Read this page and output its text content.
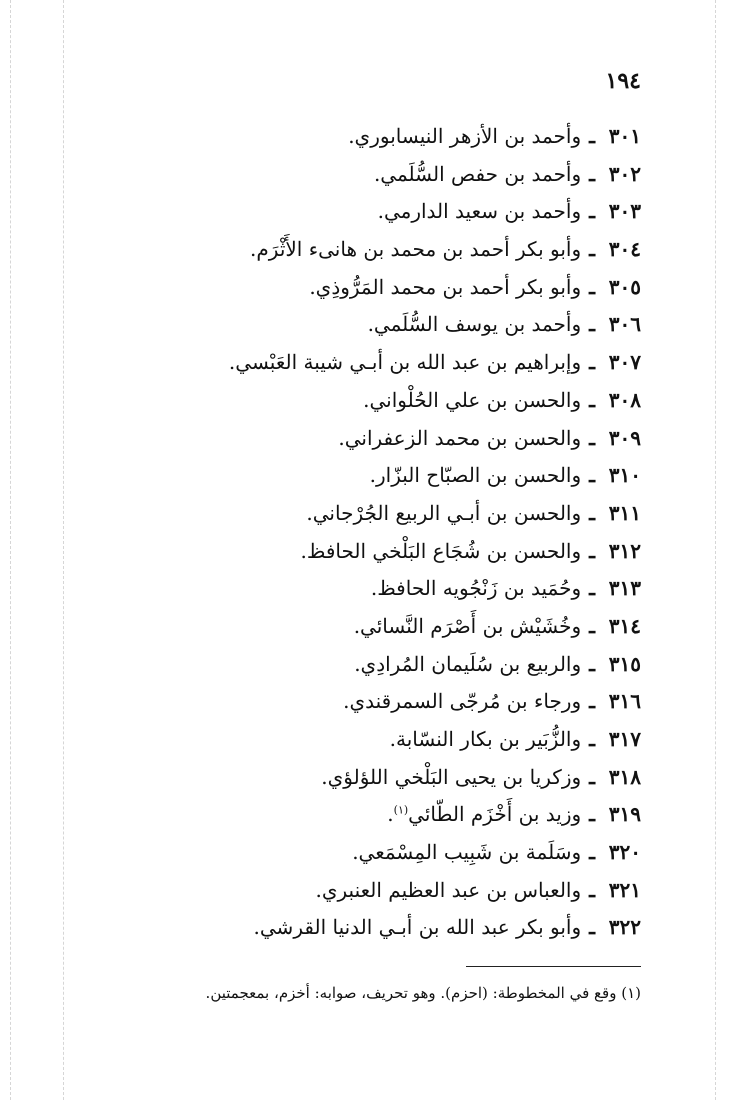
١٩٤
٣٠١ـوأحمد بن الأزهر النيسابوري.
٣٠٢ـوأحمد بن حفص السُّلَمي.
٣٠٣ـوأحمد بن سعيد الدارمي.
٣٠٤ـوأبو بكر أحمد بن محمد بن هانىء الأَثْرَم.
٣٠٥ـوأبو بكر أحمد بن محمد المَرُّوذِي.
٣٠٦ـوأحمد بن يوسف السُّلَمي.
٣٠٧ـوإبراهيم بن عبد الله بن أبـي شيبة العَبْسي.
٣٠٨ـوالحسن بن علي الحُلْواني.
٣٠٩ـوالحسن بن محمد الزعفراني.
٣١٠ـوالحسن بن الصبّاح البزّار.
٣١١ـوالحسن بن أبـي الربيع الجُرْجاني.
٣١٢ـوالحسن بن شُجَاع البَلْخي الحافظ.
٣١٣ـوحُمَيد بن زَنْجُويه الحافظ.
٣١٤ـوخُشَيْش بن أَصْرَم النَّسائي.
٣١٥ـوالربيع بن سُلَيمان المُرادِي.
٣١٦ـورجاء بن مُرجّى السمرقندي.
٣١٧ـوالزُّبَير بن بكار النسّابة.
٣١٨ـوزكريا بن يحيى البَلْخي اللؤلؤي.
٣١٩ـوزيد بن أَخْزَم الطّائي$^{(١)}$.
٣٢٠ـوسَلَمة بن شَبِيب المِسْمَعي.
٣٢١ـوالعباس بن عبد العظيم العنبري.
٣٢٢ـوأبو بكر عبد الله بن أبـي الدنيا القرشي.
(١) وقع في المخطوطة: (احزم). وهو تحريف، صوابه: أخزم، بمعجمتين.
